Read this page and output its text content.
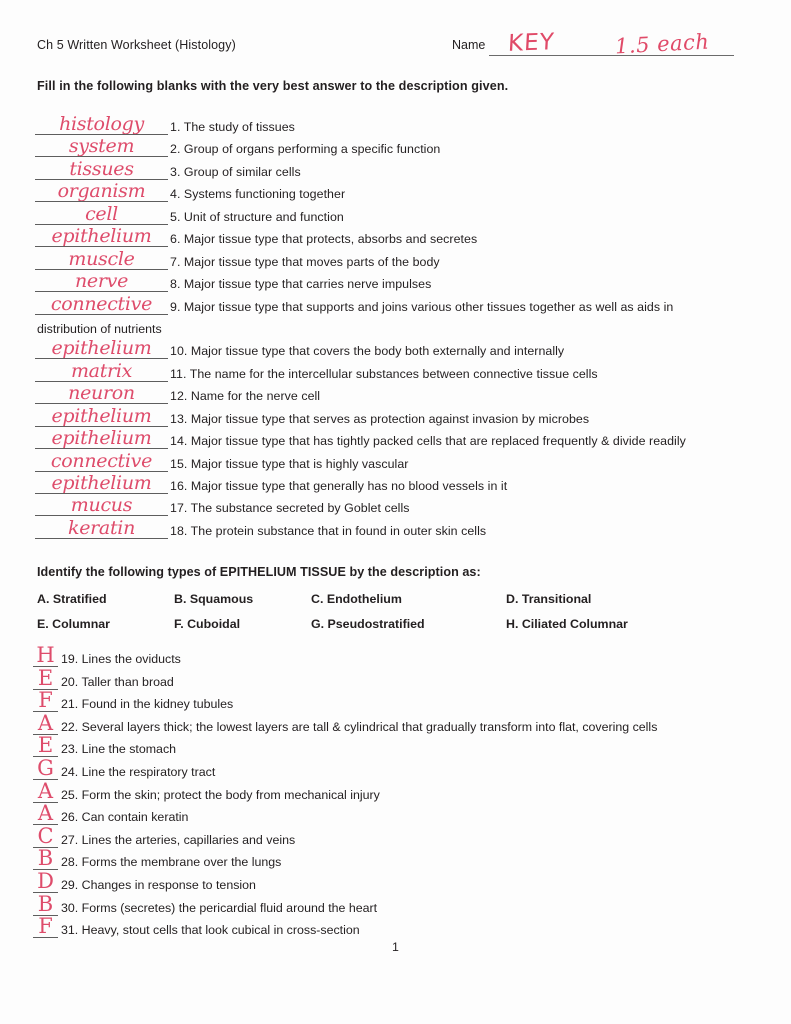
Ch 5 Written Worksheet (Histology)	Name KEY	1.5 each
Fill in the following blanks with the very best answer to the description given.
histology	1. The study of tissues
system	2. Group of organs performing a specific function
tissues	3. Group of similar cells
organism	4. Systems functioning together
cell	5. Unit of structure and function
epithelium	6. Major tissue type that protects, absorbs and secretes
muscle	7. Major tissue type that moves parts of the body
nerve	8. Major tissue type that carries nerve impulses
connective	9. Major tissue type that supports and joins various other tissues together as well as aids in
distribution of nutrients
epithelium	10. Major tissue type that covers the body both externally and internally
matrix	11. The name for the intercellular substances between connective tissue cells
neuron	12. Name for the nerve cell
epithelium	13. Major tissue type that serves as protection against invasion by microbes
epithelium	14. Major tissue type that has tightly packed cells that are replaced frequently & divide readily
connective	15. Major tissue type that is highly vascular
epithelium	16. Major tissue type that generally has no blood vessels in it
mucus	17. The substance secreted by Goblet cells
keratin	18. The protein substance that in found in outer skin cells
Identify the following types of EPITHELIUM TISSUE by the description as:
A. Stratified	B. Squamous	C. Endothelium	D. Transitional
E. Columnar	F. Cuboidal	G. Pseudostratified	H. Ciliated Columnar
H 19. Lines the oviducts
E 20. Taller than broad
F 21. Found in the kidney tubules
A 22. Several layers thick; the lowest layers are tall & cylindrical that gradually transform into flat, covering cells
E 23. Line the stomach
G 24. Line the respiratory tract
A 25. Form the skin; protect the body from mechanical injury
A 26. Can contain keratin
C 27. Lines the arteries, capillaries and veins
B 28. Forms the membrane over the lungs
D 29. Changes in response to tension
B 30. Forms (secretes) the pericardial fluid around the heart
F 31. Heavy, stout cells that look cubical in cross-section
1
